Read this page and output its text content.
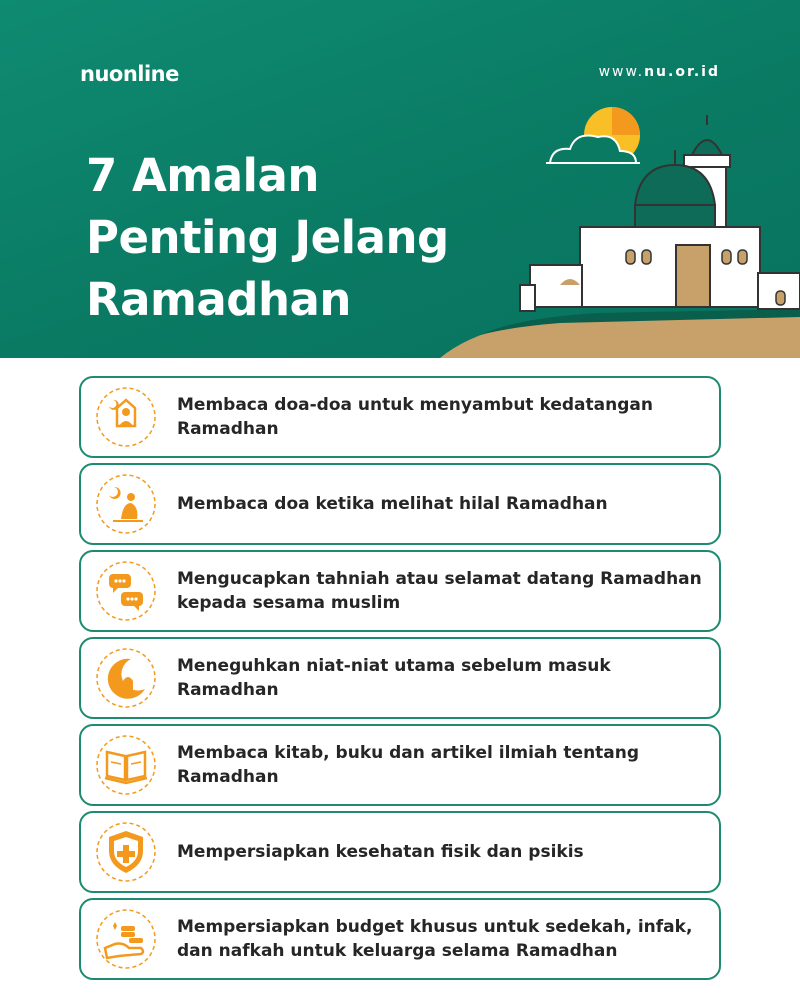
nuonline	www.nu.or.id
7 Amalan
Penting Jelang
Ramadhan
Membaca doa-doa untuk menyambut kedatangan Ramadhan
Membaca doa ketika melihat hilal Ramadhan
Mengucapkan tahniah atau selamat datang Ramadhan kepada sesama muslim
Meneguhkan niat-niat utama sebelum masuk Ramadhan
Membaca kitab, buku dan artikel ilmiah tentang Ramadhan
Mempersiapkan kesehatan fisik dan psikis
Mempersiapkan budget khusus untuk sedekah, infak, dan nafkah untuk keluarga selama Ramadhan
